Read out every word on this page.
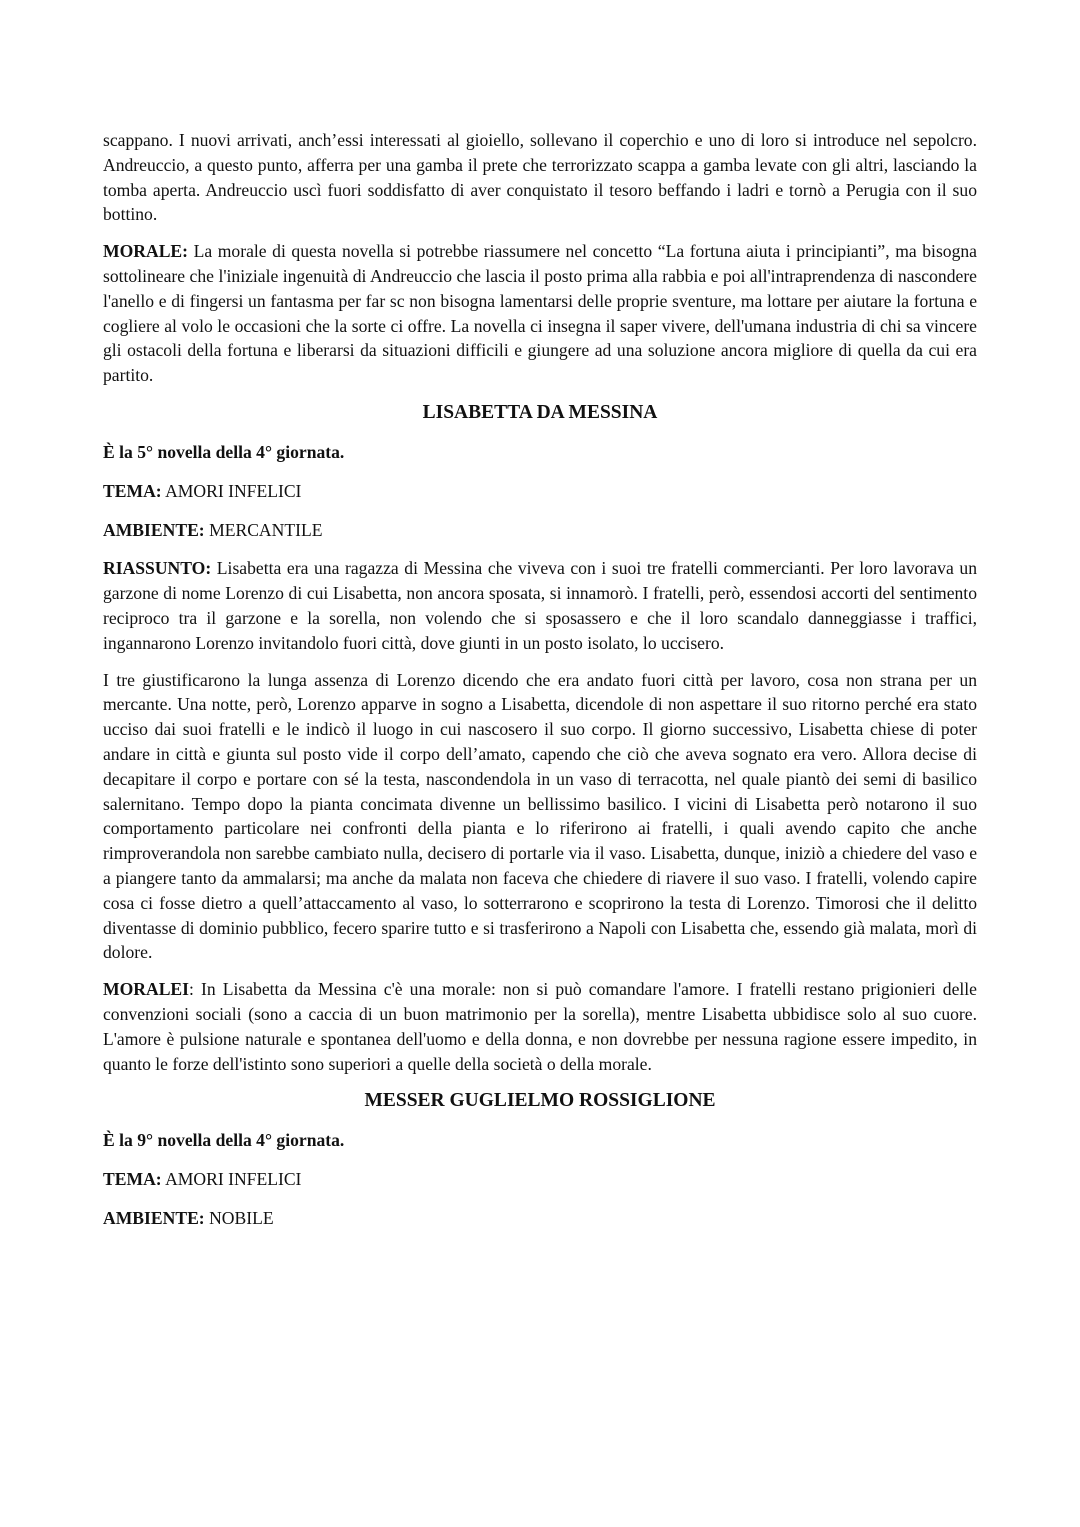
scappano. I nuovi arrivati, anch’essi interessati al gioiello, sollevano il coperchio e uno di loro si introduce nel sepolcro. Andreuccio, a questo punto, afferra per una gamba il prete che terrorizzato scappa a gamba levate con gli altri, lasciando la tomba aperta. Andreuccio uscì fuori soddisfatto di aver conquistato il tesoro beffando i ladri e tornò a Perugia con il suo bottino.

MORALE: La morale di questa novella si potrebbe riassumere nel concetto “La fortuna aiuta i principianti”, ma bisogna sottolineare che l'iniziale ingenuità di Andreuccio che lascia il posto prima alla rabbia e poi all'intraprendenza di nascondere l'anello e di fingersi un fantasma per far sc non bisogna lamentarsi delle proprie sventure, ma lottare per aiutare la fortuna e cogliere al volo le occasioni che la sorte ci offre. La novella ci insegna il saper vivere, dell'umana industria di chi sa vincere gli ostacoli della fortuna e liberarsi da situazioni difficili e giungere ad una soluzione ancora migliore di quella da cui era partito.

LISABETTA DA MESSINA
È la 5° novella della 4° giornata.
TEMA: AMORI INFELICI
AMBIENTE: MERCANTILE

RIASSUNTO: Lisabetta era una ragazza di Messina che viveva con i suoi tre fratelli commercianti. Per loro lavorava un garzone di nome Lorenzo di cui Lisabetta, non ancora sposata, si innamorò. I fratelli, però, essendosi accorti del sentimento reciproco tra il garzone e la sorella, non volendo che si sposassero e che il loro scandalo danneggiasse i traffici, ingannarono Lorenzo invitandolo fuori città, dove giunti in un posto isolato, lo uccisero.

I tre giustificarono la lunga assenza di Lorenzo dicendo che era andato fuori città per lavoro, cosa non strana per un mercante. Una notte, però, Lorenzo apparve in sogno a Lisabetta, dicendole di non aspettare il suo ritorno perché era stato ucciso dai suoi fratelli e le indicò il luogo in cui nascosero il suo corpo. Il giorno successivo, Lisabetta chiese di poter andare in città e giunta sul posto vide il corpo dell’amato, capendo che ciò che aveva sognato era vero. Allora decise di decapitare il corpo e portare con sé la testa, nascondendola in un vaso di terracotta, nel quale piantò dei semi di basilico salernitano. Tempo dopo la pianta concimata divenne un bellissimo basilico. I vicini di Lisabetta però notarono il suo comportamento particolare nei confronti della pianta e lo riferirono ai fratelli, i quali avendo capito che anche rimproverandola non sarebbe cambiato nulla, decisero di portarle via il vaso. Lisabetta, dunque, iniziò a chiedere del vaso e a piangere tanto da ammalarsi; ma anche da malata non faceva che chiedere di riavere il suo vaso. I fratelli, volendo capire cosa ci fosse dietro a quell’attaccamento al vaso, lo sotterrarono e scoprirono la testa di Lorenzo. Timorosi che il delitto diventasse di dominio pubblico, fecero sparire tutto e si trasferirono a Napoli con Lisabetta che, essendo già malata, morì di dolore.

MORALEI: In Lisabetta da Messina c'è una morale: non si può comandare l'amore. I fratelli restano prigionieri delle convenzioni sociali (sono a caccia di un buon matrimonio per la sorella), mentre Lisabetta ubbidisce solo al suo cuore. L'amore è pulsione naturale e spontanea dell'uomo e della donna, e non dovrebbe per nessuna ragione essere impedito, in quanto le forze dell'istinto sono superiori a quelle della società o della morale.

MESSER GUGLIELMO ROSSIGLIONE
È la 9° novella della 4° giornata.
TEMA: AMORI INFELICI
AMBIENTE: NOBILE
